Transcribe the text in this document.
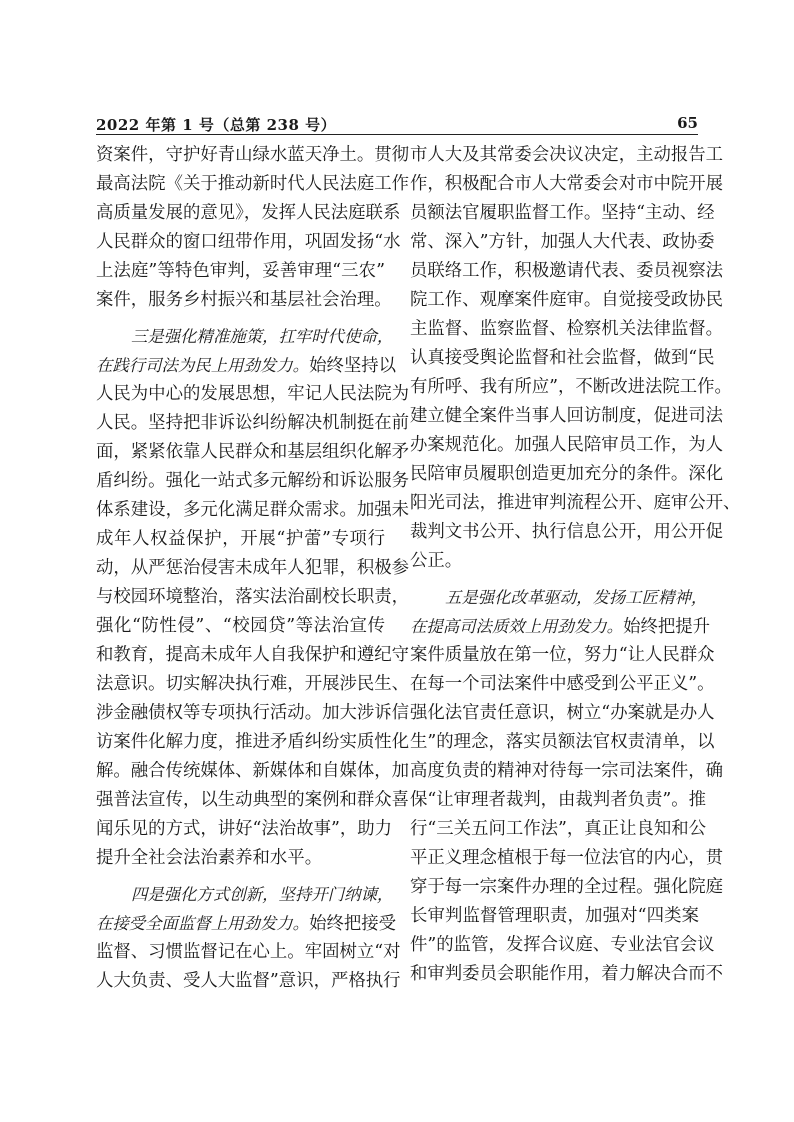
2022 年第 1 号（总第 238 号）	65
资案件，守护好青山绿水蓝天净土。贯彻
最高法院《关于推动新时代人民法庭工作
高质量发展的意见》，发挥人民法庭联系
人民群众的窗口纽带作用，巩固发扬“水
上法庭”等特色审判，妥善审理“三农”
案件，服务乡村振兴和基层社会治理。
三是强化精准施策，扛牢时代使命，
在践行司法为民上用劲发力。始终坚持以
人民为中心的发展思想，牢记人民法院为
人民。坚持把非诉讼纠纷解决机制挺在前
面，紧紧依靠人民群众和基层组织化解矛
盾纠纷。强化一站式多元解纷和诉讼服务
体系建设，多元化满足群众需求。加强未
成年人权益保护，开展“护蕾”专项行
动，从严惩治侵害未成年人犯罪，积极参
与校园环境整治，落实法治副校长职责，
强化“防性侵”、“校园贷”等法治宣传
和教育，提高未成年人自我保护和遵纪守
法意识。切实解决执行难，开展涉民生、
涉金融债权等专项执行活动。加大涉诉信
访案件化解力度，推进矛盾纠纷实质性化
解。融合传统媒体、新媒体和自媒体，加
强普法宣传，以生动典型的案例和群众喜
闻乐见的方式，讲好“法治故事”，助力
提升全社会法治素养和水平。
四是强化方式创新，坚持开门纳谏，
在接受全面监督上用劲发力。始终把接受
监督、习惯监督记在心上。牢固树立“对
人大负责、受人大监督”意识，严格执行
市人大及其常委会决议决定，主动报告工
作，积极配合市人大常委会对市中院开展
员额法官履职监督工作。坚持“主动、经
常、深入”方针，加强人大代表、政协委
员联络工作，积极邀请代表、委员视察法
院工作、观摩案件庭审。自觉接受政协民
主监督、监察监督、检察机关法律监督。
认真接受舆论监督和社会监督，做到“民
有所呼、我有所应”，不断改进法院工作。
建立健全案件当事人回访制度，促进司法
办案规范化。加强人民陪审员工作，为人
民陪审员履职创造更加充分的条件。深化
阳光司法，推进审判流程公开、庭审公开、
裁判文书公开、执行信息公开，用公开促
公正。
五是强化改革驱动，发扬工匠精神，
在提高司法质效上用劲发力。始终把提升
案件质量放在第一位，努力“让人民群众
在每一个司法案件中感受到公平正义”。
强化法官责任意识，树立“办案就是办人
生”的理念，落实员额法官权责清单，以
高度负责的精神对待每一宗司法案件，确
保“让审理者裁判，由裁判者负责”。推
行“三关五问工作法”，真正让良知和公
平正义理念植根于每一位法官的内心，贯
穿于每一宗案件办理的全过程。强化院庭
长审判监督管理职责，加强对“四类案
件”的监管，发挥合议庭、专业法官会议
和审判委员会职能作用，着力解决合而不
